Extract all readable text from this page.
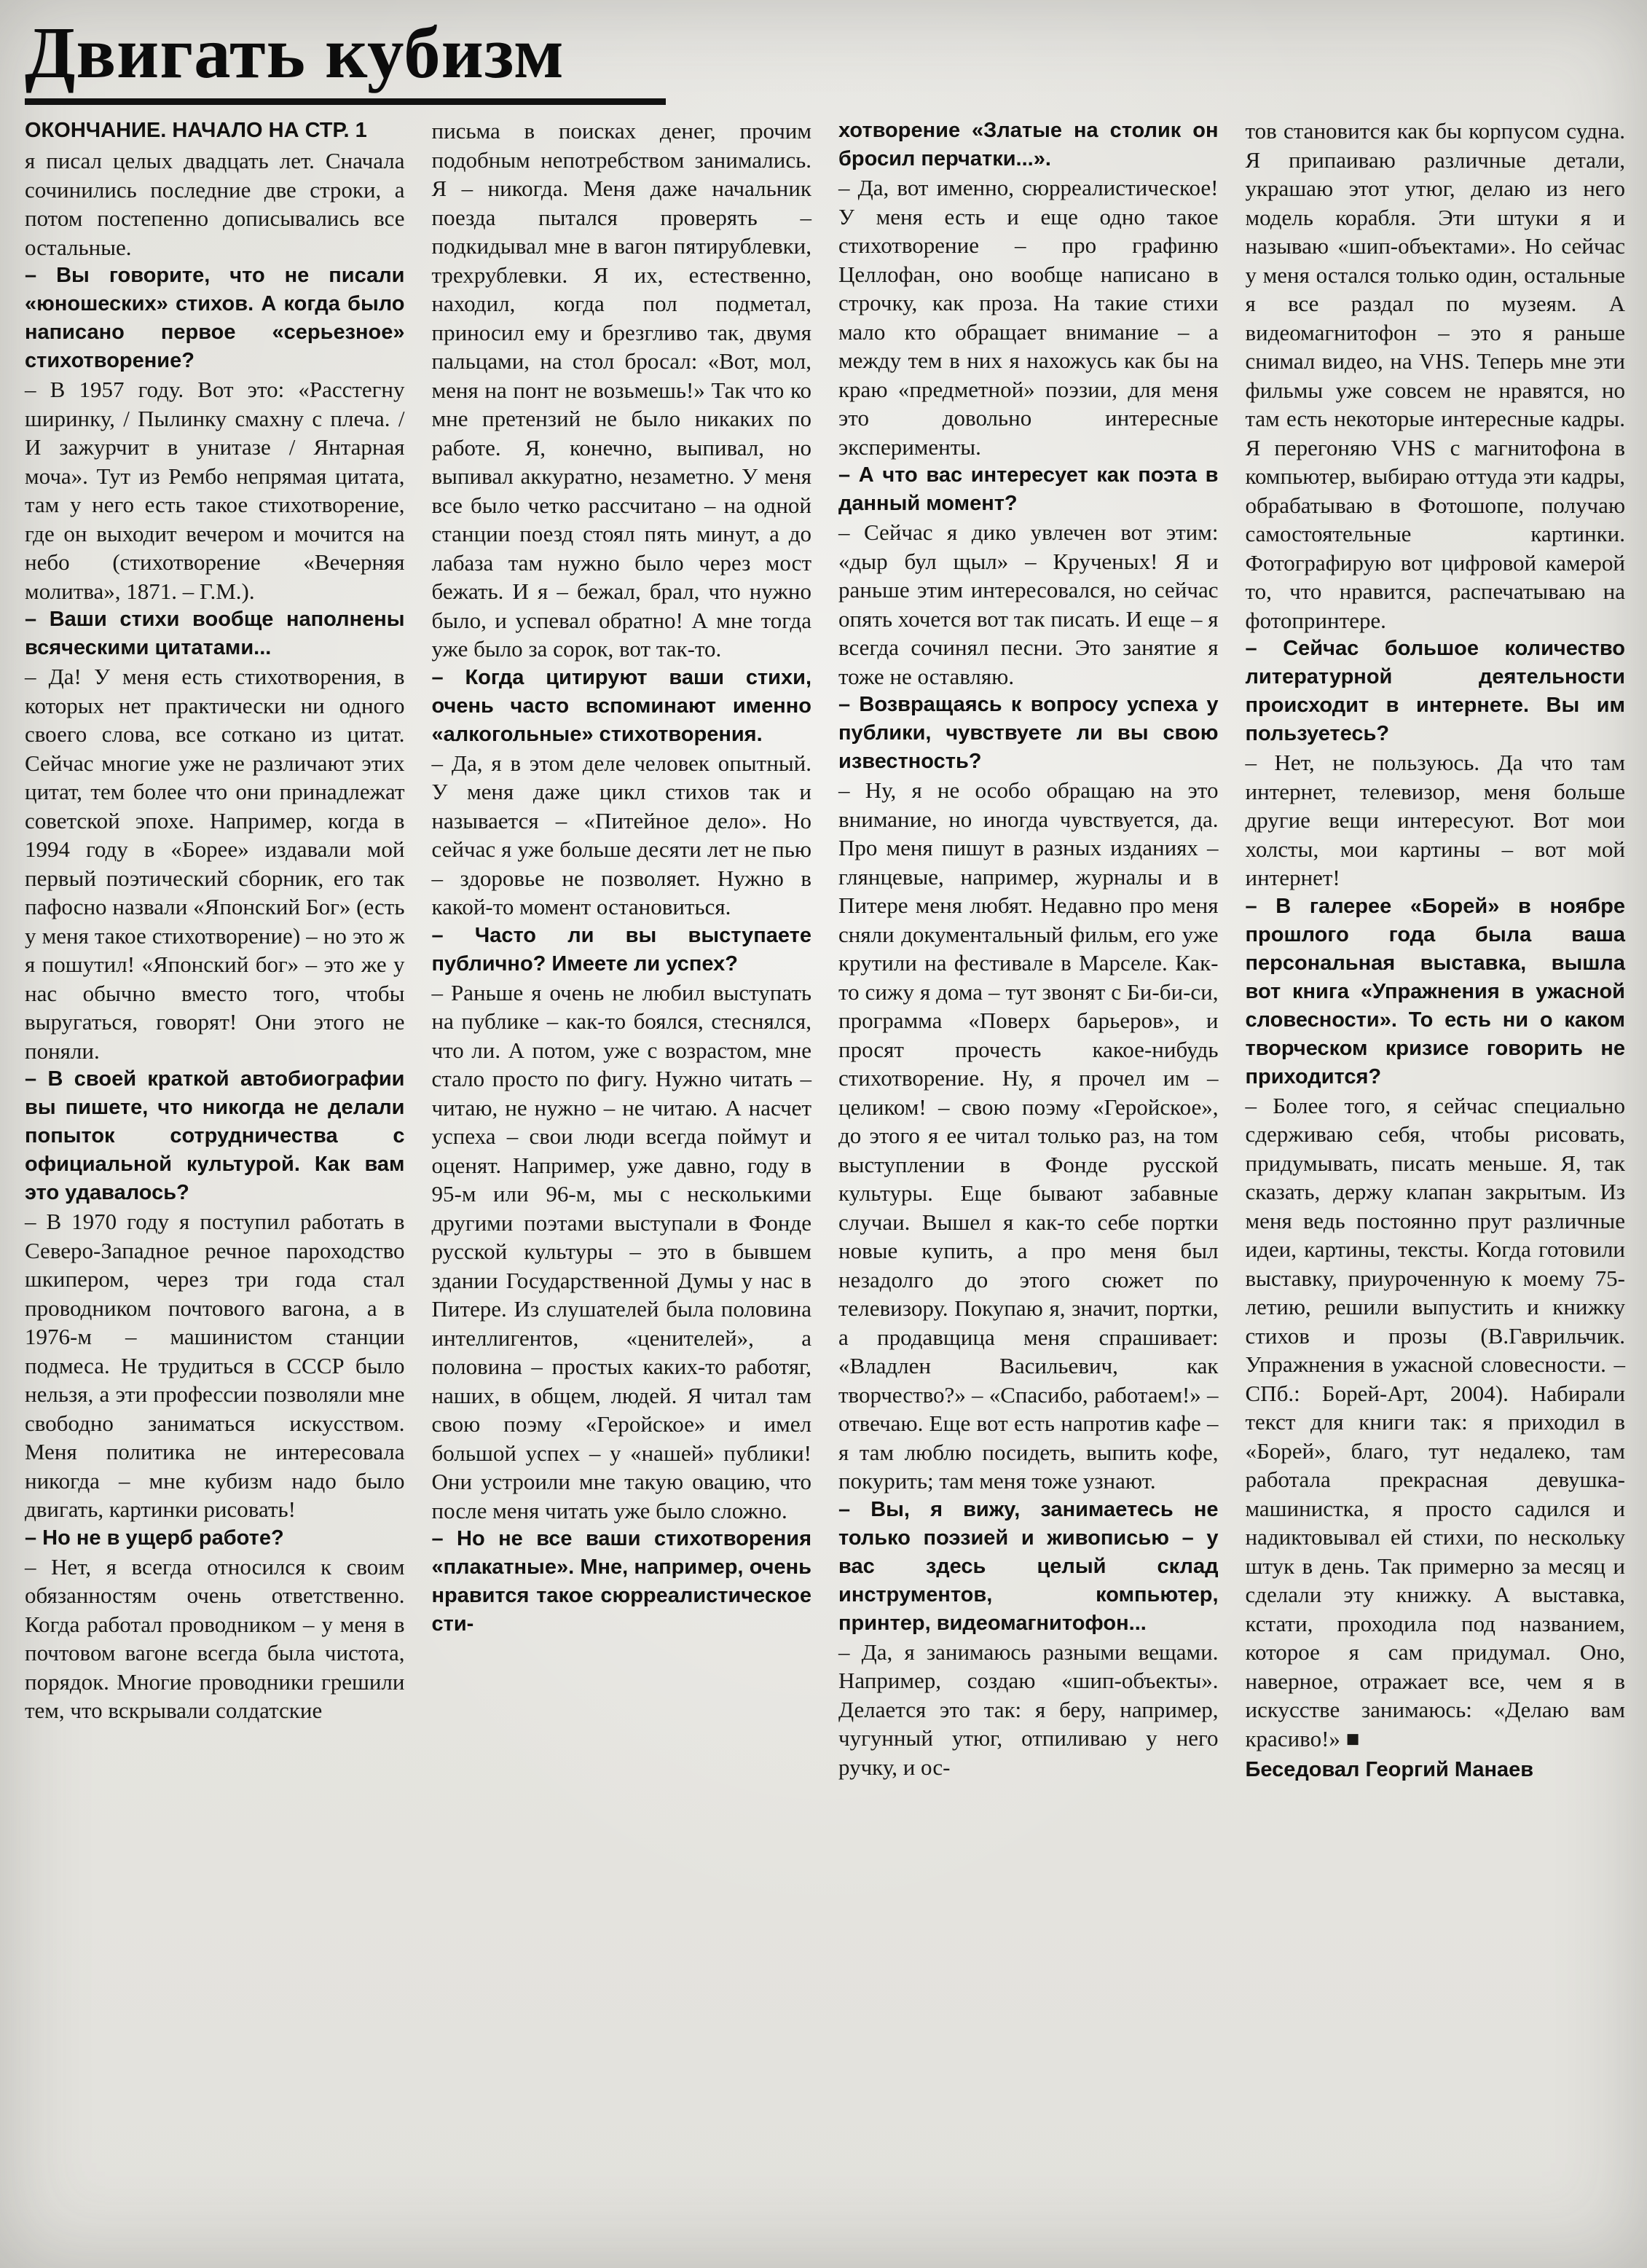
Двигать кубизм

ОКОНЧАНИЕ. НАЧАЛО НА СТР. 1

я писал целых двадцать лет. Сначала сочинились последние две строки, а потом постепенно дописывались все остальные.

– Вы говорите, что не писали «юношеских» стихов. А когда было написано первое «серьезное» стихотворение?

– В 1957 году. Вот это: «Расстегну ширинку, / Пылинку смахну с плеча. / И зажурчит в унитазе / Янтарная моча». Тут из Рембо непрямая цитата, там у него есть такое стихотворение, где он выходит вечером и мочится на небо (стихотворение «Вечерняя молитва», 1871. – Г.М.).

– Ваши стихи вообще наполнены всяческими цитатами...

– Да! У меня есть стихотворения, в которых нет практически ни одного своего слова, все соткано из цитат. Сейчас многие уже не различают этих цитат, тем более что они принадлежат советской эпохе. Например, когда в 1994 году в «Борее» издавали мой первый поэтический сборник, его так пафосно назвали «Японский Бог» (есть у меня такое стихотворение) – но это ж я пошутил! «Японский бог» – это же у нас обычно вместо того, чтобы выругаться, говорят! Они этого не поняли.

– В своей краткой автобиографии вы пишете, что никогда не делали попыток сотрудничества с официальной культурой. Как вам это удавалось?

– В 1970 году я поступил работать в Северо-Западное речное пароходство шкипером, через три года стал проводником почтового вагона, а в 1976-м – машинистом станции подмеса. Не трудиться в СССР было нельзя, а эти профессии позволяли мне свободно заниматься искусством. Меня политика не интересовала никогда – мне кубизм надо было двигать, картинки рисовать!

– Но не в ущерб работе?

– Нет, я всегда относился к своим обязанностям очень ответственно. Когда работал проводником – у меня в почтовом вагоне всегда была чистота, порядок. Многие проводники грешили тем, что вскрывали солдатские

письма в поисках денег, прочим подобным непотребством занимались. Я – никогда. Меня даже начальник поезда пытался проверять – подкидывал мне в вагон пятирублевки, трехрублевки. Я их, естественно, находил, когда пол подметал, приносил ему и брезгливо так, двумя пальцами, на стол бросал: «Вот, мол, меня на понт не возьмешь!» Так что ко мне претензий не было никаких по работе. Я, конечно, выпивал, но выпивал аккуратно, незаметно. У меня все было четко рассчитано – на одной станции поезд стоял пять минут, а до лабаза там нужно было через мост бежать. И я – бежал, брал, что нужно было, и успевал обратно! А мне тогда уже было за сорок, вот так-то.

– Когда цитируют ваши стихи, очень часто вспоминают именно «алкогольные» стихотворения.

– Да, я в этом деле человек опытный. У меня даже цикл стихов так и называется – «Питейное дело». Но сейчас я уже больше десяти лет не пью – здоровье не позволяет. Нужно в какой-то момент остановиться.

– Часто ли вы выступаете публично? Имеете ли успех?

– Раньше я очень не любил выступать на публике – как-то боялся, стеснялся, что ли. А потом, уже с возрастом, мне стало просто по фигу. Нужно читать – читаю, не нужно – не читаю. А насчет успеха – свои люди всегда поймут и оценят. Например, уже давно, году в 95-м или 96-м, мы с несколькими другими поэтами выступали в Фонде русской культуры – это в бывшем здании Государственной Думы у нас в Питере. Из слушателей была половина интеллигентов, «ценителей», а половина – простых каких-то работяг, наших, в общем, людей. Я читал там свою поэму «Геройское» и имел большой успех – у «нашей» публики! Они устроили мне такую овацию, что после меня читать уже было сложно.

– Но не все ваши стихотворения «плакатные». Мне, например, очень нравится такое сюрреалистическое сти-

хотворение «Златые на столик он бросил перчатки...».

– Да, вот именно, сюрреалистическое! У меня есть и еще одно такое стихотворение – про графиню Целлофан, оно вообще написано в строчку, как проза. На такие стихи мало кто обращает внимание – а между тем в них я нахожусь как бы на краю «предметной» поэзии, для меня это довольно интересные эксперименты.

– А что вас интересует как поэта в данный момент?

– Сейчас я дико увлечен вот этим: «дыр бул щыл» – Крученых! Я и раньше этим интересовался, но сейчас опять хочется вот так писать. И еще – я всегда сочинял песни. Это занятие я тоже не оставляю.

– Возвращаясь к вопросу успеха у публики, чувствуете ли вы свою известность?

– Ну, я не особо обращаю на это внимание, но иногда чувствуется, да. Про меня пишут в разных изданиях – глянцевые, например, журналы и в Питере меня любят. Недавно про меня сняли документальный фильм, его уже крутили на фестивале в Марселе. Как-то сижу я дома – тут звонят с Би-би-си, программа «Поверх барьеров», и просят прочесть какое-нибудь стихотворение. Ну, я прочел им – целиком! – свою поэму «Геройское», до этого я ее читал только раз, на том выступлении в Фонде русской культуры. Еще бывают забавные случаи. Вышел я как-то себе портки новые купить, а про меня был незадолго до этого сюжет по телевизору. Покупаю я, значит, портки, а продавщица меня спрашивает: «Владлен Васильевич, как творчество?» – «Спасибо, работаем!» – отвечаю. Еще вот есть напротив кафе – я там люблю посидеть, выпить кофе, покурить; там меня тоже узнают.

– Вы, я вижу, занимаетесь не только поэзией и живописью – у вас здесь целый склад инструментов, компьютер, принтер, видеомагнитофон...

– Да, я занимаюсь разными вещами. Например, создаю «шип-объекты». Делается это так: я беру, например, чугунный утюг, отпиливаю у него ручку, и ос-

тов становится как бы корпусом судна. Я припаиваю различные детали, украшаю этот утюг, делаю из него модель корабля. Эти штуки я и называю «шип-объектами». Но сейчас у меня остался только один, остальные я все раздал по музеям. А видеомагнитофон – это я раньше снимал видео, на VHS. Теперь мне эти фильмы уже совсем не нравятся, но там есть некоторые интересные кадры. Я перегоняю VHS с магнитофона в компьютер, выбираю оттуда эти кадры, обрабатываю в Фотошопе, получаю самостоятельные картинки. Фотографирую вот цифровой камерой то, что нравится, распечатываю на фотопринтере.

– Сейчас большое количество литературной деятельности происходит в интернете. Вы им пользуетесь?

– Нет, не пользуюсь. Да что там интернет, телевизор, меня больше другие вещи интересуют. Вот мои холсты, мои картины – вот мой интернет!

– В галерее «Борей» в ноябре прошлого года была ваша персональная выставка, вышла вот книга «Упражнения в ужасной словесности». То есть ни о каком творческом кризисе говорить не приходится?

– Более того, я сейчас специально сдерживаю себя, чтобы рисовать, придумывать, писать меньше. Я, так сказать, держу клапан закрытым. Из меня ведь постоянно прут различные идеи, картины, тексты. Когда готовили выставку, приуроченную к моему 75-летию, решили выпустить и книжку стихов и прозы (В.Гаврильчик. Упражнения в ужасной словесности. – СПб.: Борей-Арт, 2004). Набирали текст для книги так: я приходил в «Борей», благо, тут недалеко, там работала прекрасная девушка-машинистка, я просто садился и надиктовывал ей стихи, по нескольку штук в день. Так примерно за месяц и сделали эту книжку. А выставка, кстати, проходила под названием, которое я сам придумал. Оно, наверное, отражает все, чем я в искусстве занимаюсь: «Делаю вам красиво!» ■

Беседовал Георгий Манаев
